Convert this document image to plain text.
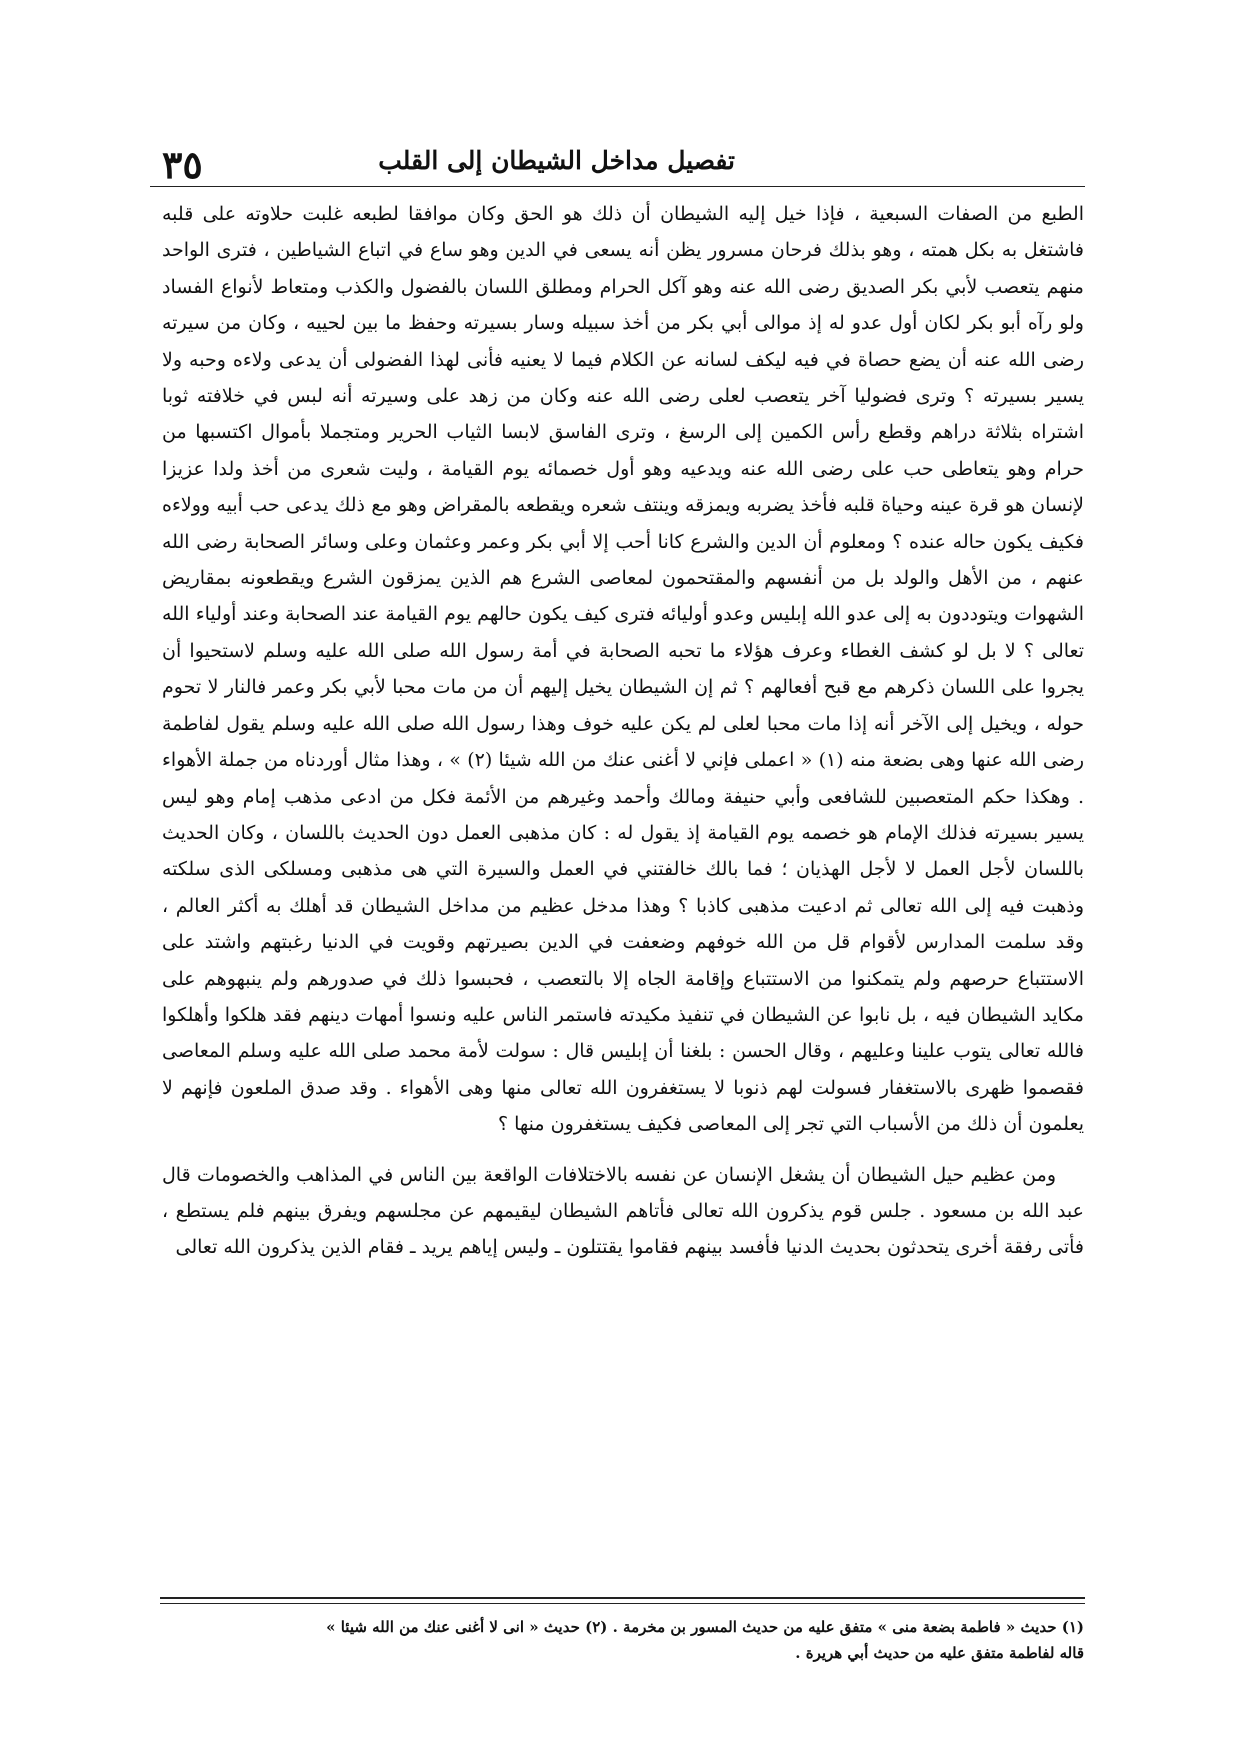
٣٥	تفصيل مداخل الشيطان إلى القلب

الطبع من الصفات السبعية ، فإذا خيل إليه الشيطان أن ذلك هو الحق وكان موافقا لطبعه غلبت حلاوته على قلبه فاشتغل به بكل همته ، وهو بذلك فرحان مسرور يظن أنه يسعى في الدين وهو ساع في اتباع الشياطين ، فترى الواحد منهم يتعصب لأبي بكر الصديق رضى الله عنه وهو آكل الحرام ومطلق اللسان بالفضول والكذب ومتعاط لأنواع الفساد ولو رآه أبو بكر لكان أول عدو له إذ موالى أبي بكر من أخذ سبيله وسار بسيرته وحفظ ما بين لحييه ، وكان من سيرته رضى الله عنه أن يضع حصاة في فيه ليكف لسانه عن الكلام فيما لا يعنيه فأنى لهذا الفضولى أن يدعى ولاءه وحبه ولا يسير بسيرته ؟ وترى فضوليا آخر يتعصب لعلى رضى الله عنه وكان من زهد على وسيرته أنه لبس في خلافته ثوبا اشتراه بثلاثة دراهم وقطع رأس الكمين إلى الرسغ ، وترى الفاسق لابسا الثياب الحرير ومتجملا بأموال اكتسبها من حرام وهو يتعاطى حب على رضى الله عنه ويدعيه وهو أول خصمائه يوم القيامة ، وليت شعرى من أخذ ولدا عزيزا لإنسان هو قرة عينه وحياة قلبه فأخذ يضربه ويمزقه وينتف شعره ويقطعه بالمقراض وهو مع ذلك يدعى حب أبيه وولاءه فكيف يكون حاله عنده ؟ ومعلوم أن الدين والشرع كانا أحب إلا أبي بكر وعمر وعثمان وعلى وسائر الصحابة رضى الله عنهم ، من الأهل والولد بل من أنفسهم والمقتحمون لمعاصى الشرع هم الذين يمزقون الشرع ويقطعونه بمقاريض الشهوات ويتوددون به إلى عدو الله إبليس وعدو أوليائه فترى كيف يكون حالهم يوم القيامة عند الصحابة وعند أولياء الله تعالى ؟ لا بل لو كشف الغطاء وعرف هؤلاء ما تحبه الصحابة في أمة رسول الله صلى الله عليه وسلم لاستحيوا أن يجروا على اللسان ذكرهم مع قبح أفعالهم ؟ ثم إن الشيطان يخيل إليهم أن من مات محبا لأبي بكر وعمر فالنار لا تحوم حوله ، ويخيل إلى الآخر أنه إذا مات محبا لعلى لم يكن عليه خوف وهذا رسول الله صلى الله عليه وسلم يقول لفاطمة رضى الله عنها وهى بضعة منه (١) « اعملى فإني لا أغنى عنك من الله شيئا (٢) » ، وهذا مثال أوردناه من جملة الأهواء . وهكذا حكم المتعصبين للشافعى وأبي حنيفة ومالك وأحمد وغيرهم من الأئمة فكل من ادعى مذهب إمام وهو ليس يسير بسيرته فذلك الإمام هو خصمه يوم القيامة إذ يقول له : كان مذهبى العمل دون الحديث باللسان ، وكان الحديث باللسان لأجل العمل لا لأجل الهذيان ؛ فما بالك خالفتني في العمل والسيرة التي هى مذهبى ومسلكى الذى سلكته وذهبت فيه إلى الله تعالى ثم ادعيت مذهبى كاذبا ؟ وهذا مدخل عظيم من مداخل الشيطان قد أهلك به أكثر العالم ، وقد سلمت المدارس لأقوام قل من الله خوفهم وضعفت في الدين بصيرتهم وقويت في الدنيا رغبتهم واشتد على الاستتباع حرصهم ولم يتمكنوا من الاستتباع وإقامة الجاه إلا بالتعصب ، فحبسوا ذلك في صدورهم ولم ينبهوهم على مكايد الشيطان فيه ، بل نابوا عن الشيطان في تنفيذ مكيدته فاستمر الناس عليه ونسوا أمهات دينهم فقد هلكوا وأهلكوا فالله تعالى يتوب علينا وعليهم ، وقال الحسن : بلغنا أن إبليس قال : سولت لأمة محمد صلى الله عليه وسلم المعاصى فقصموا ظهرى بالاستغفار فسولت لهم ذنوبا لا يستغفرون الله تعالى منها وهى الأهواء . وقد صدق الملعون فإنهم لا يعلمون أن ذلك من الأسباب التي تجر إلى المعاصى فكيف يستغفرون منها ؟

ومن عظيم حيل الشيطان أن يشغل الإنسان عن نفسه بالاختلافات الواقعة بين الناس في المذاهب والخصومات قال عبد الله بن مسعود . جلس قوم يذكرون الله تعالى فأتاهم الشيطان ليقيمهم عن مجلسهم ويفرق بينهم فلم يستطع ، فأتى رفقة أخرى يتحدثون بحديث الدنيا فأفسد بينهم فقاموا يقتتلون ـ وليس إياهم يريد ـ فقام الذين يذكرون الله تعالى

(١) حديث « فاطمة بضعة منى » متفق عليه من حديث المسور بن مخرمة . (٢) حديث « انى لا أغنى عنك من الله شيئا »

قاله لفاطمة متفق عليه من حديث أبي هريرة .
